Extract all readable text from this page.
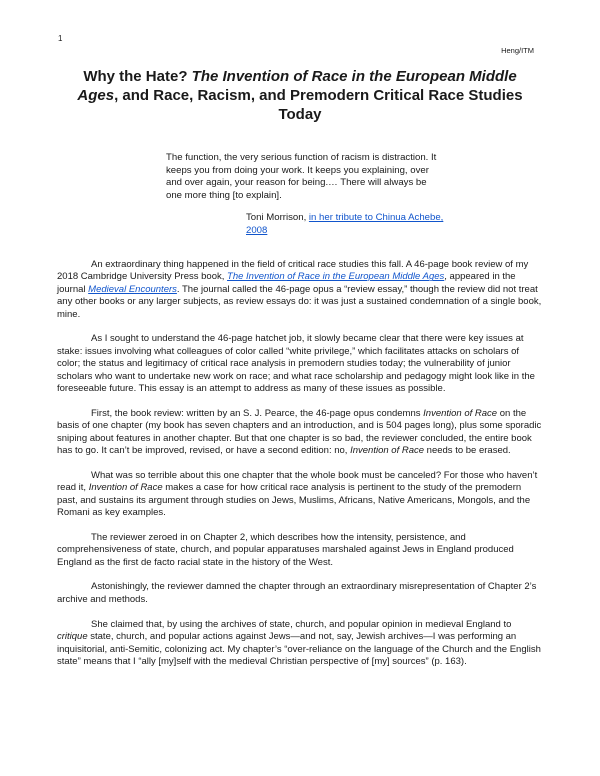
1
Heng/ITM
Why the Hate? The Invention of Race in the European Middle Ages, and Race, Racism, and Premodern Critical Race Studies Today
The function, the very serious function of racism is distraction. It keeps you from doing your work. It keeps you explaining, over and over again, your reason for being.… There will always be one more thing [to explain].
Toni Morrison, in her tribute to Chinua Achebe, 2008

An extraordinary thing happened in the field of critical race studies this fall. A 46-page book review of my 2018 Cambridge University Press book, The Invention of Race in the European Middle Ages, appeared in the journal Medieval Encounters. The journal called the 46-page opus a “review essay,” though the review did not treat any other books or any larger subjects, as review essays do: it was just a sustained condemnation of a single book, mine.

As I sought to understand the 46-page hatchet job, it slowly became clear that there were key issues at stake: issues involving what colleagues of color called “white privilege,” which facilitates attacks on scholars of color; the status and legitimacy of critical race analysis in premodern studies today; the vulnerability of junior scholars who want to undertake new work on race; and what race scholarship and pedagogy might look like in the foreseeable future. This essay is an attempt to address as many of these issues as possible.

First, the book review: written by an S. J. Pearce, the 46-page opus condemns Invention of Race on the basis of one chapter (my book has seven chapters and an introduction, and is 504 pages long), plus some sporadic sniping about features in another chapter. But that one chapter is so bad, the reviewer concluded, the entire book has to go. It can’t be improved, revised, or have a second edition: no, Invention of Race needs to be erased.

What was so terrible about this one chapter that the whole book must be canceled? For those who haven’t read it, Invention of Race makes a case for how critical race analysis is pertinent to the study of the premodern past, and sustains its argument through studies on Jews, Muslims, Africans, Native Americans, Mongols, and the Romani as key examples.

The reviewer zeroed in on Chapter 2, which describes how the intensity, persistence, and comprehensiveness of state, church, and popular apparatuses marshaled against Jews in England produced England as the first de facto racial state in the history of the West.

Astonishingly, the reviewer damned the chapter through an extraordinary misrepresentation of Chapter 2’s archive and methods.

She claimed that, by using the archives of state, church, and popular opinion in medieval England to critique state, church, and popular actions against Jews—and not, say, Jewish archives—I was performing an inquisitorial, anti-Semitic, colonizing act. My chapter’s “over-reliance on the language of the Church and the English state” means that I “ally [my]self with the medieval Christian perspective of [my] sources” (p. 163).
